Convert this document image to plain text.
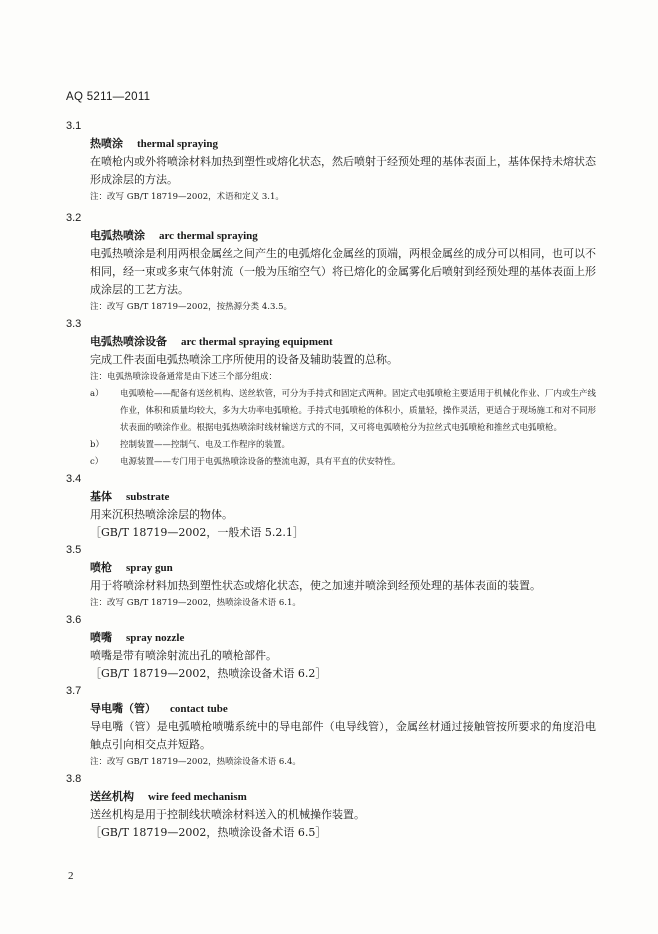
AQ 5211—2011
3.1
热喷涂 thermal spraying
在喷枪内或外将喷涂材料加热到塑性或熔化状态，然后喷射于经预处理的基体表面上，基体保持未熔状态形成涂层的方法。
注：改写 GB/T 18719—2002，术语和定义 3.1。
3.2
电弧热喷涂 arc thermal spraying
电弧热喷涂是利用两根金属丝之间产生的电弧熔化金属丝的顶端，两根金属丝的成分可以相同，也可以不相同，经一束或多束气体射流（一般为压缩空气）将已熔化的金属雾化后喷射到经预处理的基体表面上形成涂层的工艺方法。
注：改写 GB/T 18719—2002，按热源分类 4.3.5。
3.3
电弧热喷涂设备 arc thermal spraying equipment
完成工件表面电弧热喷涂工序所使用的设备及辅助装置的总称。
注：电弧热喷涂设备通常是由下述三个部分组成：
a） 电弧喷枪——配备有送丝机构、送丝软管，可分为手持式和固定式两种。固定式电弧喷枪主要适用于机械化作业、厂内或生产线作业，体积和质量均较大，多为大功率电弧喷枪。手持式电弧喷枪的体积小，质量轻，操作灵活，更适合于现场施工和对不同形状表面的喷涂作业。根据电弧热喷涂时线材输送方式的不同，又可将电弧喷枪分为拉丝式电弧喷枪和推丝式电弧喷枪。
b） 控制装置——控制气、电及工作程序的装置。
c） 电源装置——专门用于电弧热喷涂设备的整流电源，具有平直的伏安特性。
3.4
基体 substrate
用来沉积热喷涂涂层的物体。
［GB/T 18719—2002，一般术语 5.2.1］
3.5
喷枪 spray gun
用于将喷涂材料加热到塑性状态或熔化状态，使之加速并喷涂到经预处理的基体表面的装置。
注：改写 GB/T 18719—2002，热喷涂设备术语 6.1。
3.6
喷嘴 spray nozzle
喷嘴是带有喷涂射流出孔的喷枪部件。
［GB/T 18719—2002，热喷涂设备术语 6.2］
3.7
导电嘴（管） contact tube
导电嘴（管）是电弧喷枪喷嘴系统中的导电部件（电导线管），金属丝材通过接触管按所要求的角度沿电触点引向相交点并短路。
注：改写 GB/T 18719—2002，热喷涂设备术语 6.4。
3.8
送丝机构 wire feed mechanism
送丝机构是用于控制线状喷涂材料送入的机械操作装置。
［GB/T 18719—2002，热喷涂设备术语 6.5］
2
